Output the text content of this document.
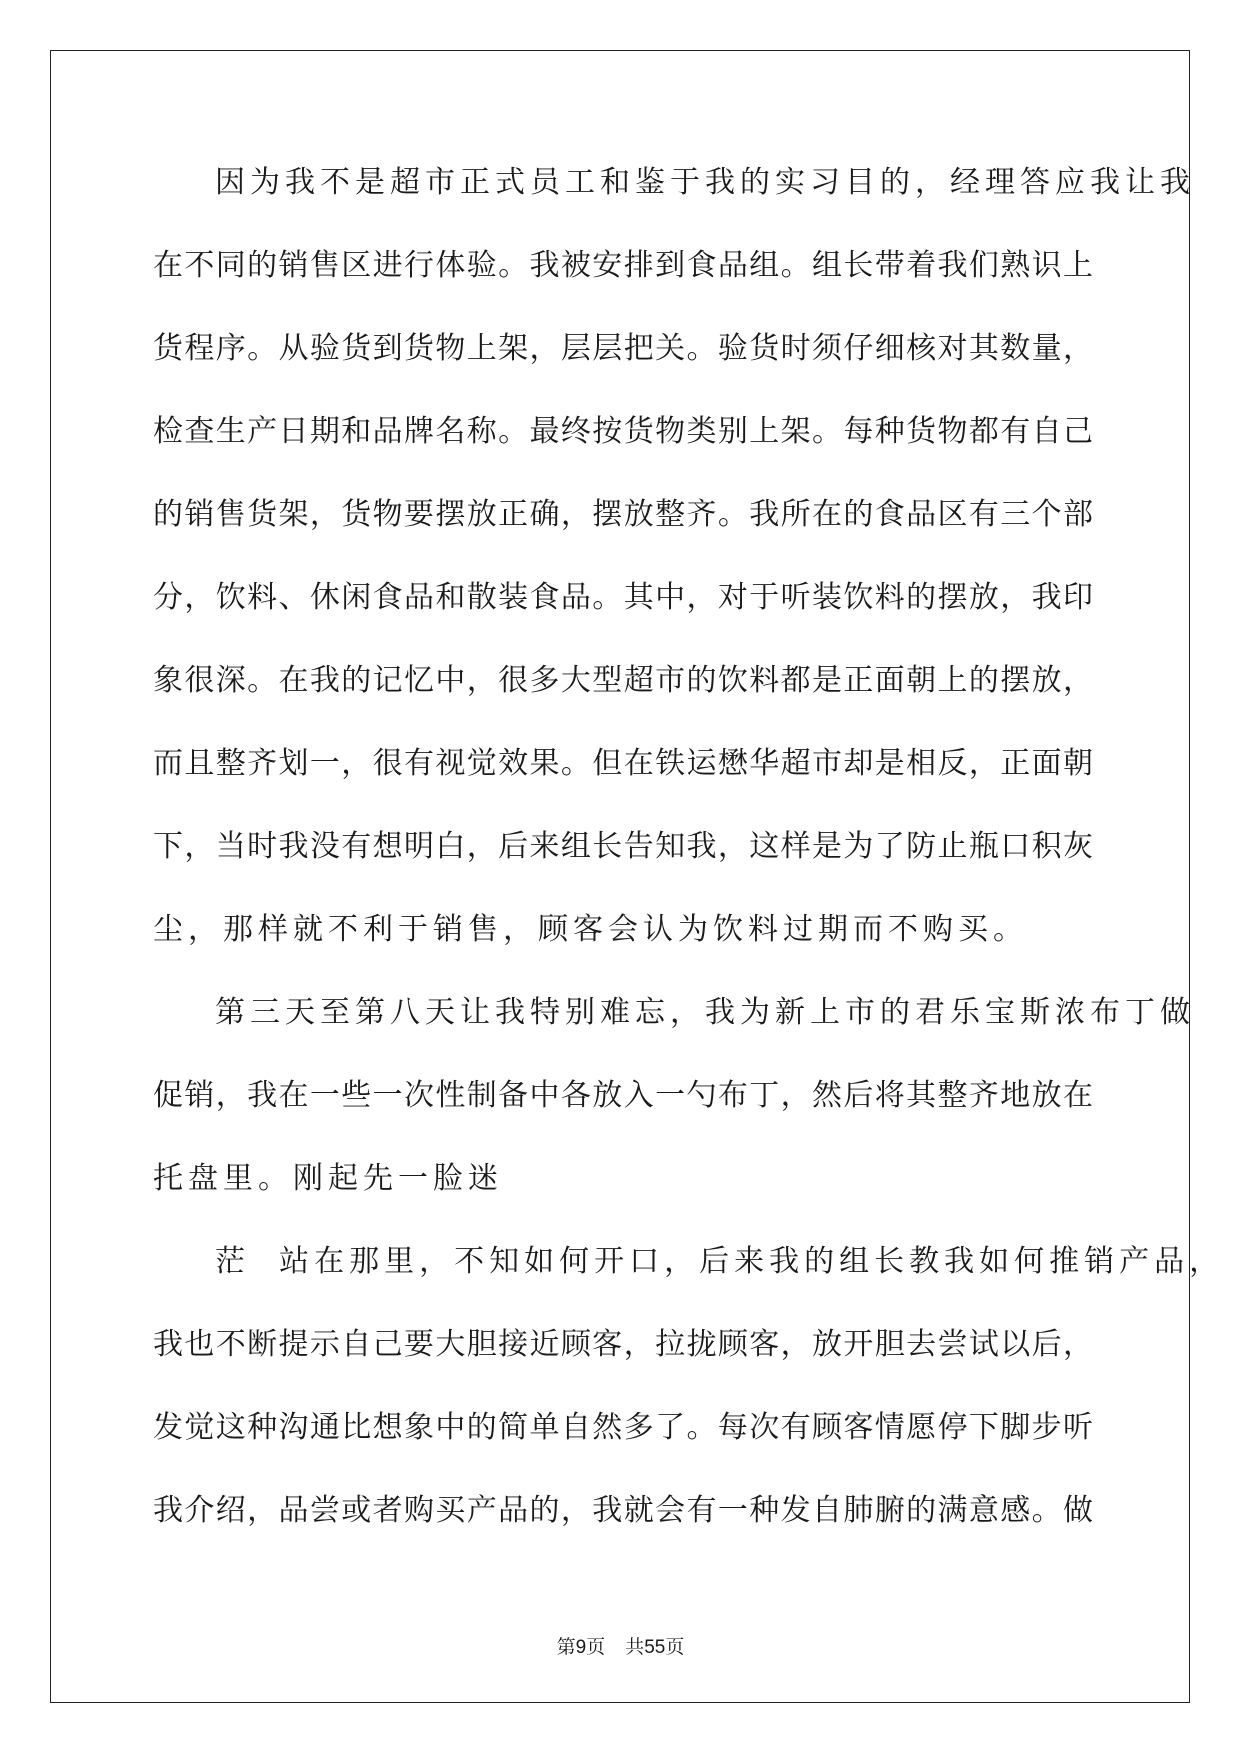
因为我不是超市正式员工和鉴于我的实习目的，经理答应我让我
在不同的销售区进行体验。我被安排到食品组。组长带着我们熟识上
货程序。从验货到货物上架，层层把关。验货时须仔细核对其数量，
检查生产日期和品牌名称。最终按货物类别上架。每种货物都有自己
的销售货架，货物要摆放正确，摆放整齐。我所在的食品区有三个部
分，饮料、休闲食品和散装食品。其中，对于听装饮料的摆放，我印
象很深。在我的记忆中，很多大型超市的饮料都是正面朝上的摆放，
而且整齐划一，很有视觉效果。但在铁运懋华超市却是相反，正面朝
下，当时我没有想明白，后来组长告知我，这样是为了防止瓶口积灰
尘，那样就不利于销售，顾客会认为饮料过期而不购买。
第三天至第八天让我特别难忘，我为新上市的君乐宝斯浓布丁做
促销，我在一些一次性制备中各放入一勺布丁，然后将其整齐地放在
托盘里。刚起先一脸迷
茫  站在那里，不知如何开口，后来我的组长教我如何推销产品，
我也不断提示自己要大胆接近顾客，拉拢顾客，放开胆去尝试以后，
发觉这种沟通比想象中的简单自然多了。每次有顾客情愿停下脚步听
我介绍，品尝或者购买产品的，我就会有一种发自肺腑的满意感。做
第9页 共55页
